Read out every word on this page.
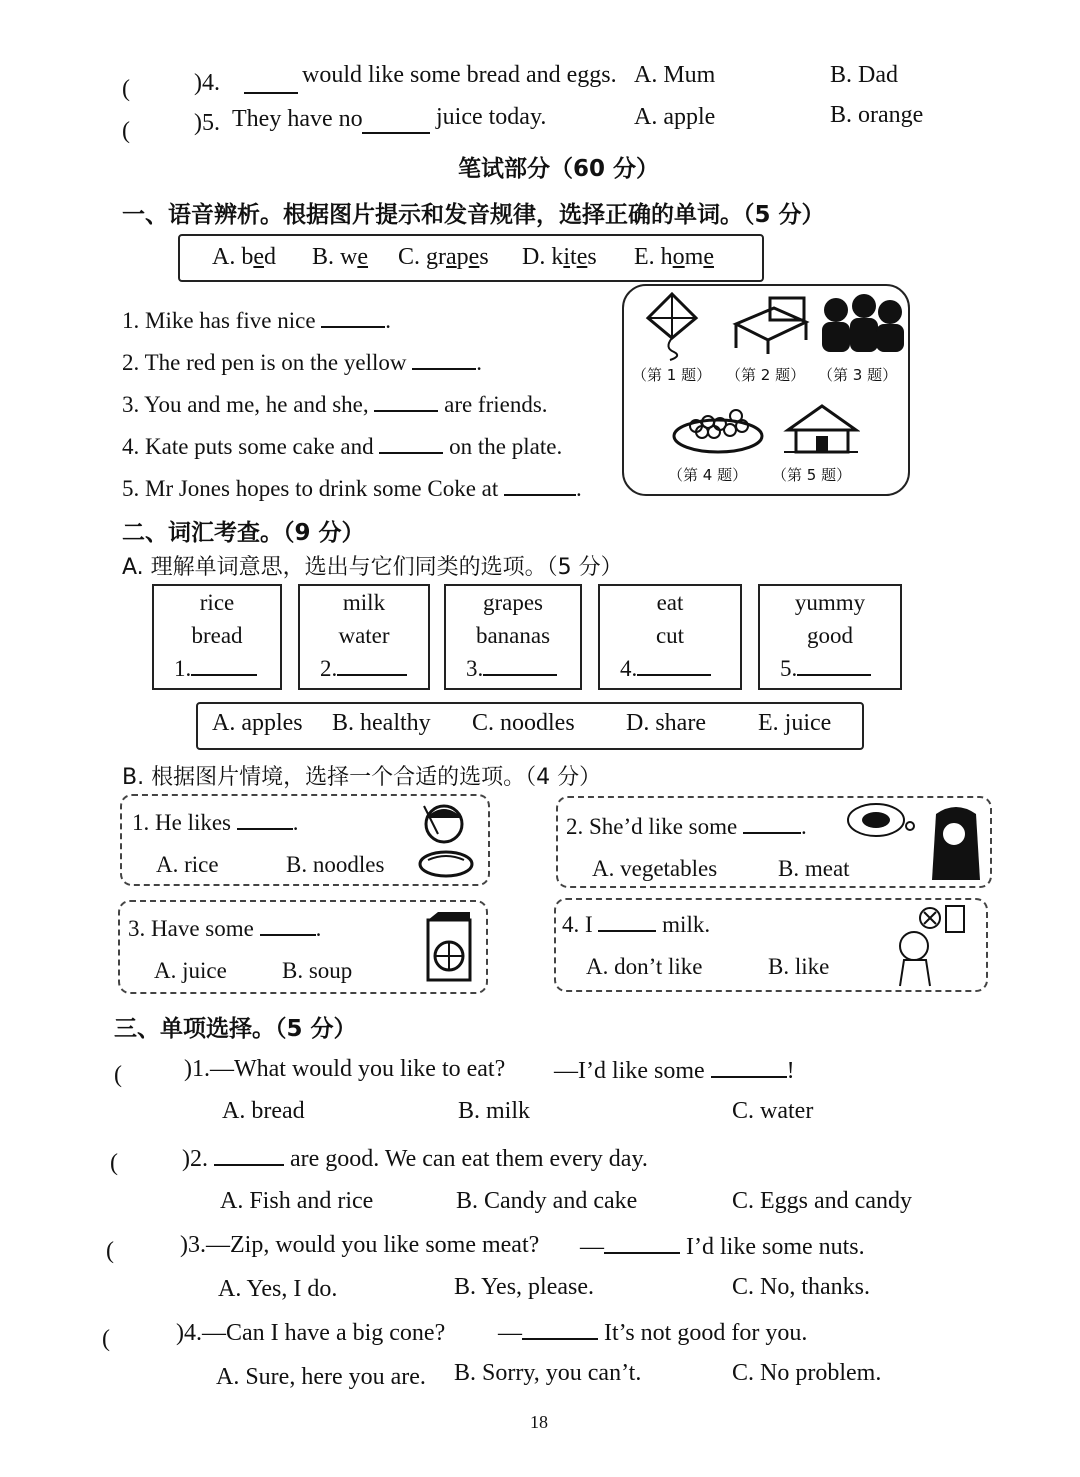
(	)4.	would like some bread and eggs. A. Mum	B. Dad
(	)5. They have no	juice today.	A. apple	B. orange
笔试部分（60 分）
一、语音辨析。根据图片提示和发音规律，选择正确的单词。（5 分）
A. bed B. we C. grapes D. kites E. home
1. Mike has five nice	.
2. The red pen is on the yellow	.
3. You and me, he and she,	are friends.
4. Kate puts some cake and	on the plate.
5. Mr Jones hopes to drink some Coke at	.
（第 1 题） （第 2 题） （第 3 题）
（第 4 题） （第 5 题）
二、词汇考查。（9 分）
A. 理解单词意思，选出与它们同类的选项。（5 分）
rice
bread
1.
milk
water
2.
grapes
bananas
3.
eat
cut
4.
yummy
good
5.
A. apples B. healthy C. noodles D. share E. juice
B. 根据图片情境，选择一个合适的选项。（4 分）
1. He likes	.
A. rice	B. noodles
2. She’d like some	.
A. vegetables	B. meat
3. Have some	.
A. juice B. soup
4. I	milk.
A. don’t like	B. like
三、单项选择。（5 分）
(	)1.—What would you like to eat? —I’d like some	!
A. bread	B. milk	C. water
(	)2.	are good. We can eat them every day.
A. Fish and rice	B. Candy and cake	C. Eggs and candy
(	)3.—Zip, would you like some meat? —	I’d like some nuts.
A. Yes, I do.	B. Yes, please.	C. No, thanks.
(	)4.—Can I have a big cone? —	It’s not good for you.
A. Sure, here you are. B. Sorry, you can’t.	C. No problem.
18
